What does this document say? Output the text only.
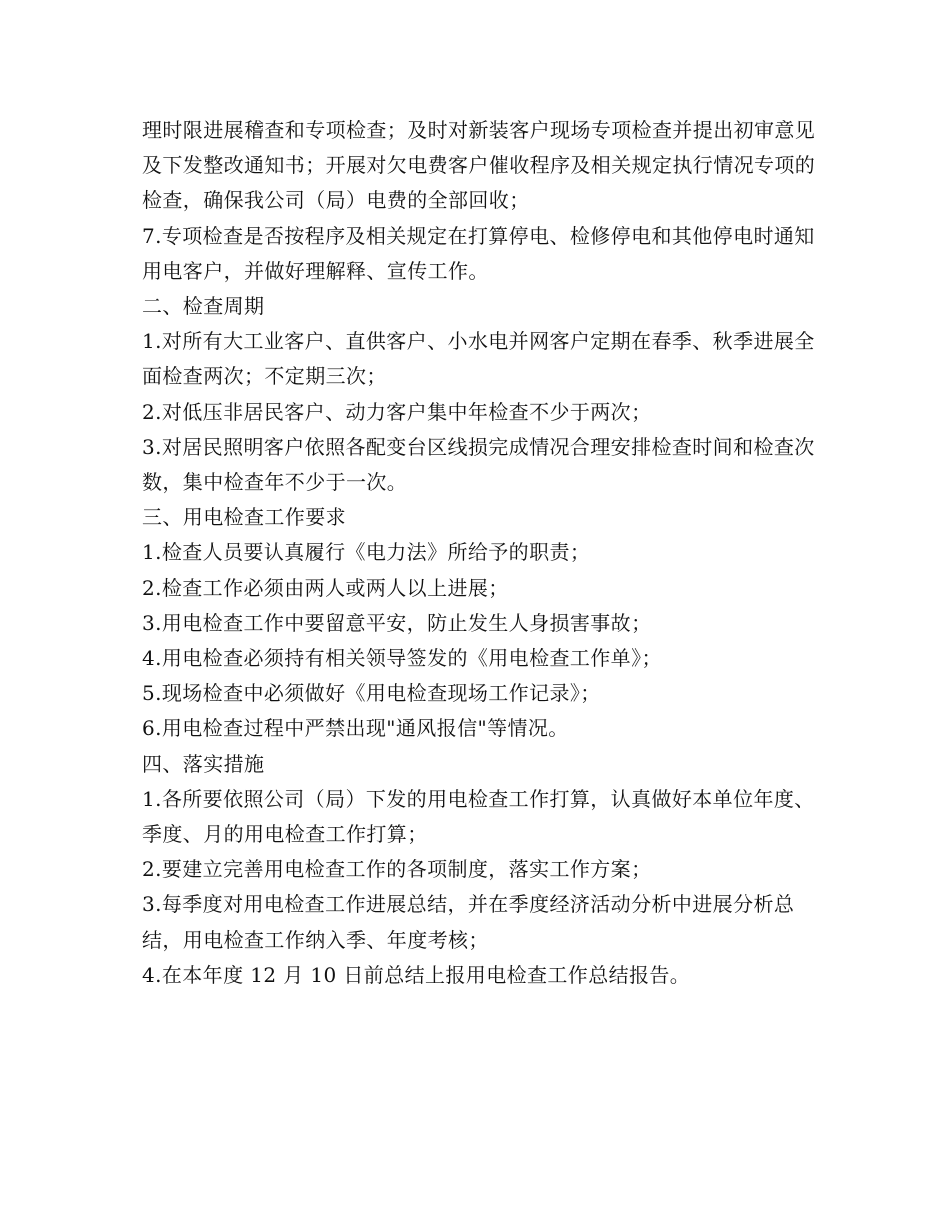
理时限进展稽查和专项检查；及时对新装客户现场专项检查并提出初审意见及下发整改通知书；开展对欠电费客户催收程序及相关规定执行情况专项的检查，确保我公司（局）电费的全部回收；

7.专项检查是否按程序及相关规定在打算停电、检修停电和其他停电时通知用电客户，并做好理解释、宣传工作。

二、检查周期

1.对所有大工业客户、直供客户、小水电并网客户定期在春季、秋季进展全面检查两次；不定期三次；

2.对低压非居民客户、动力客户集中年检查不少于两次；

3.对居民照明客户依照各配变台区线损完成情况合理安排检查时间和检查次数，集中检查年不少于一次。

三、用电检查工作要求

1.检查人员要认真履行《电力法》所给予的职责；

2.检查工作必须由两人或两人以上进展；

3.用电检查工作中要留意平安，防止发生人身损害事故；

4.用电检查必须持有相关领导签发的《用电检查工作单》；

5.现场检查中必须做好《用电检查现场工作记录》；

6.用电检查过程中严禁出现"通风报信"等情况。

四、落实措施

1.各所要依照公司（局）下发的用电检查工作打算，认真做好本单位年度、季度、月的用电检查工作打算；

2.要建立完善用电检查工作的各项制度，落实工作方案；

3.每季度对用电检查工作进展总结，并在季度经济活动分析中进展分析总结，用电检查工作纳入季、年度考核；

4.在本年度 12 月 10 日前总结上报用电检查工作总结报告。
